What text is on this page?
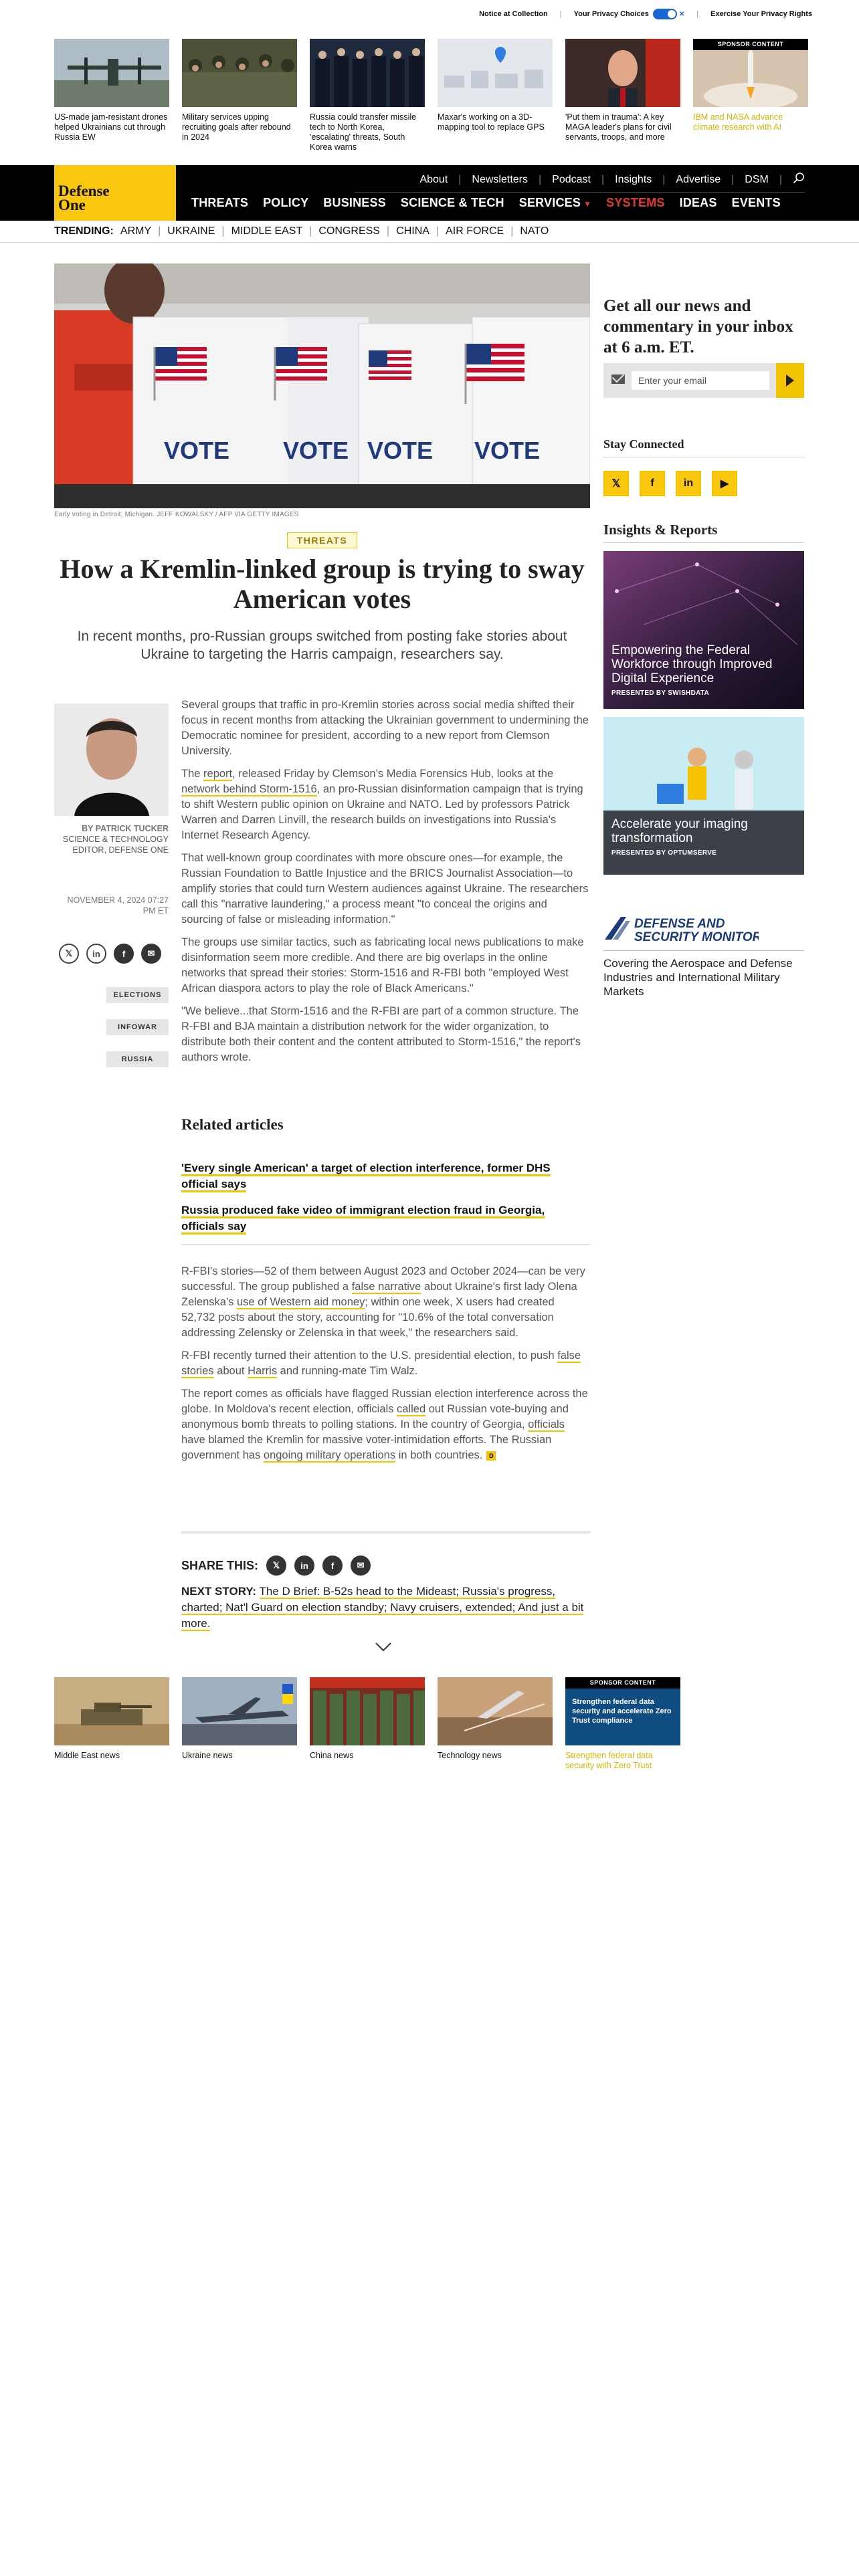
Notice at Collection | Your Privacy Choices	✕ | Exercise Your Privacy Rights
US-made jam-resistant drones helped Ukrainians cut through Russia EW
Military services upping recruiting goals after rebound in 2024
Russia could transfer missile tech to North Korea, 'escalating' threats, South Korea warns
Maxar's working on a 3D-mapping tool to replace GPS
'Put them in trauma': A key MAGA leader's plans for civil servants, troops, and more
SPONSOR CONTENT
IBM and NASA advance climate research with AI
Defense
One
About | Newsletters | Podcast | Insights | Advertise | DSM |
THREATS POLICY BUSINESS SCIENCE & TECH SERVICES ▼ SYSTEMS IDEAS EVENTS
TRENDING: ARMY | UKRAINE | MIDDLE EAST | CONGRESS | CHINA | AIR FORCE | NATO
VOTE VOTE VOTE VOTE
Early voting in Detroit, Michigan. JEFF KOWALSKY / AFP VIA GETTY IMAGES
THREATS
How a Kremlin-linked group is trying to sway American votes
In recent months, pro-Russian groups switched from posting fake stories about Ukraine to targeting the Harris campaign, researchers say.
BY PATRICK TUCKER
SCIENCE & TECHNOLOGY EDITOR, DEFENSE ONE
NOVEMBER 4, 2024 07:27 PM ET
𝕏	in	f	✉
ELECTIONS
INFOWAR
RUSSIA

Several groups that traffic in pro-Kremlin stories across social media shifted their focus in recent months from attacking the Ukrainian government to undermining the Democratic nominee for president, according to a new report from Clemson University.

The report, released Friday by Clemson's Media Forensics Hub, looks at the network behind Storm-1516, an pro-Russian disinformation campaign that is trying to shift Western public opinion on Ukraine and NATO. Led by professors Patrick Warren and Darren Linvill, the research builds on investigations into Russia's Internet Research Agency.

That well-known group coordinates with more obscure ones—for example, the Russian Foundation to Battle Injustice and the BRICS Journalist Association—to amplify stories that could turn Western audiences against Ukraine. The researchers call this "narrative laundering," a process meant "to conceal the origins and sourcing of false or misleading information."

The groups use similar tactics, such as fabricating local news publications to make disinformation seem more credible. And there are big overlaps in the online networks that spread their stories: Storm-1516 and R-FBI both "employed West African diaspora actors to play the role of Black Americans."

"We believe...that Storm-1516 and the R-FBI are part of a common structure. The R-FBI and BJA maintain a distribution network for the wider organization, to distribute both their content and the content attributed to Storm-1516," the report's authors wrote.

Related articles
'Every single American' a target of election interference, former DHS official says
Russia produced fake video of immigrant election fraud in Georgia, officials say

R-FBI's stories—52 of them between August 2023 and October 2024—can be very successful. The group published a false narrative about Ukraine's first lady Olena Zelenska's use of Western aid money; within one week, X users had created 52,732 posts about the story, accounting for "10.6% of the total conversation addressing Zelensky or Zelenska in that week," the researchers said.

R-FBI recently turned their attention to the U.S. presidential election, to push false stories about Harris and running-mate Tim Walz.

The report comes as officials have flagged Russian election interference across the globe. In Moldova's recent election, officials called out Russian vote-buying and anonymous bomb threats to polling stations. In the country of Georgia, officials have blamed the Kremlin for massive voter-intimidation efforts. The Russian government has ongoing military operations in both countries. D

SHARE THIS:	𝕏	in	f	✉
NEXT STORY: The D Brief: B-52s head to the Mideast; Russia's progress, charted; Nat'l Guard on election standby; Navy cruisers, extended; And just a bit more.
Get all our news and commentary in your inbox at 6 a.m. ET.
Enter your email
Stay Connected
𝕏	f	in	▶
Insights & Reports
Empowering the Federal Workforce through Improved Digital Experience
PRESENTED BY SWISHDATA
Accelerate your imaging transformation
PRESENTED BY OPTUMSERVE
DEFENSE AND
SECURITY MONITOR
Covering the Aerospace and Defense Industries and International Military Markets
Middle East news	Ukraine news	China news	Technology news
SPONSOR CONTENT
Strengthen federal data security and accelerate Zero Trust compliance
Strengthen federal data security with Zero Trust
